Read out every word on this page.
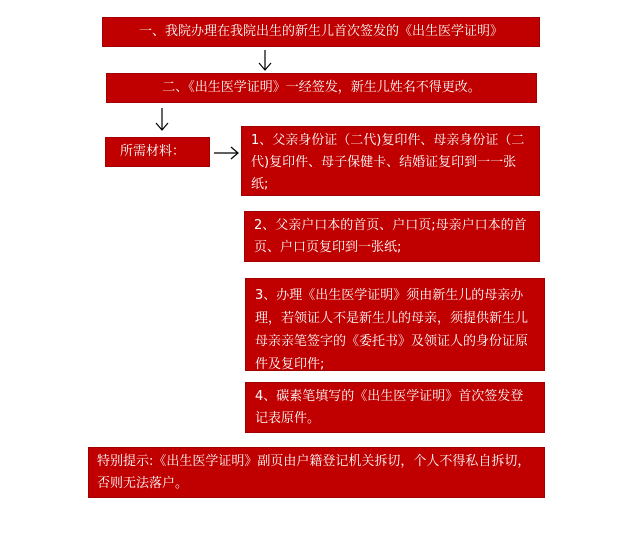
一、我院办理在我院出生的新生儿首次签发的《出生医学证明》
二、《出生医学证明》一经签发，新生儿姓名不得更改。
所需材料：
1、父亲身份证（二代)复印件、母亲身份证（二代)复印件、母子保健卡、结婚证复印到一一张纸;
2、父亲户口本的首页、户口页;母亲户口本的首页、户口页复印到一张纸;
3、办理《出生医学证明》须由新生儿的母亲办理，若领证人不是新生儿的母亲，须提供新生儿母亲亲笔签字的《委托书》及领证人的身份证原件及复印件;
4、碳素笔填写的《出生医学证明》首次签发登记表原件。
特别提示:《出生医学证明》副页由户籍登记机关拆切，个人不得私自拆切，否则无法落户。
